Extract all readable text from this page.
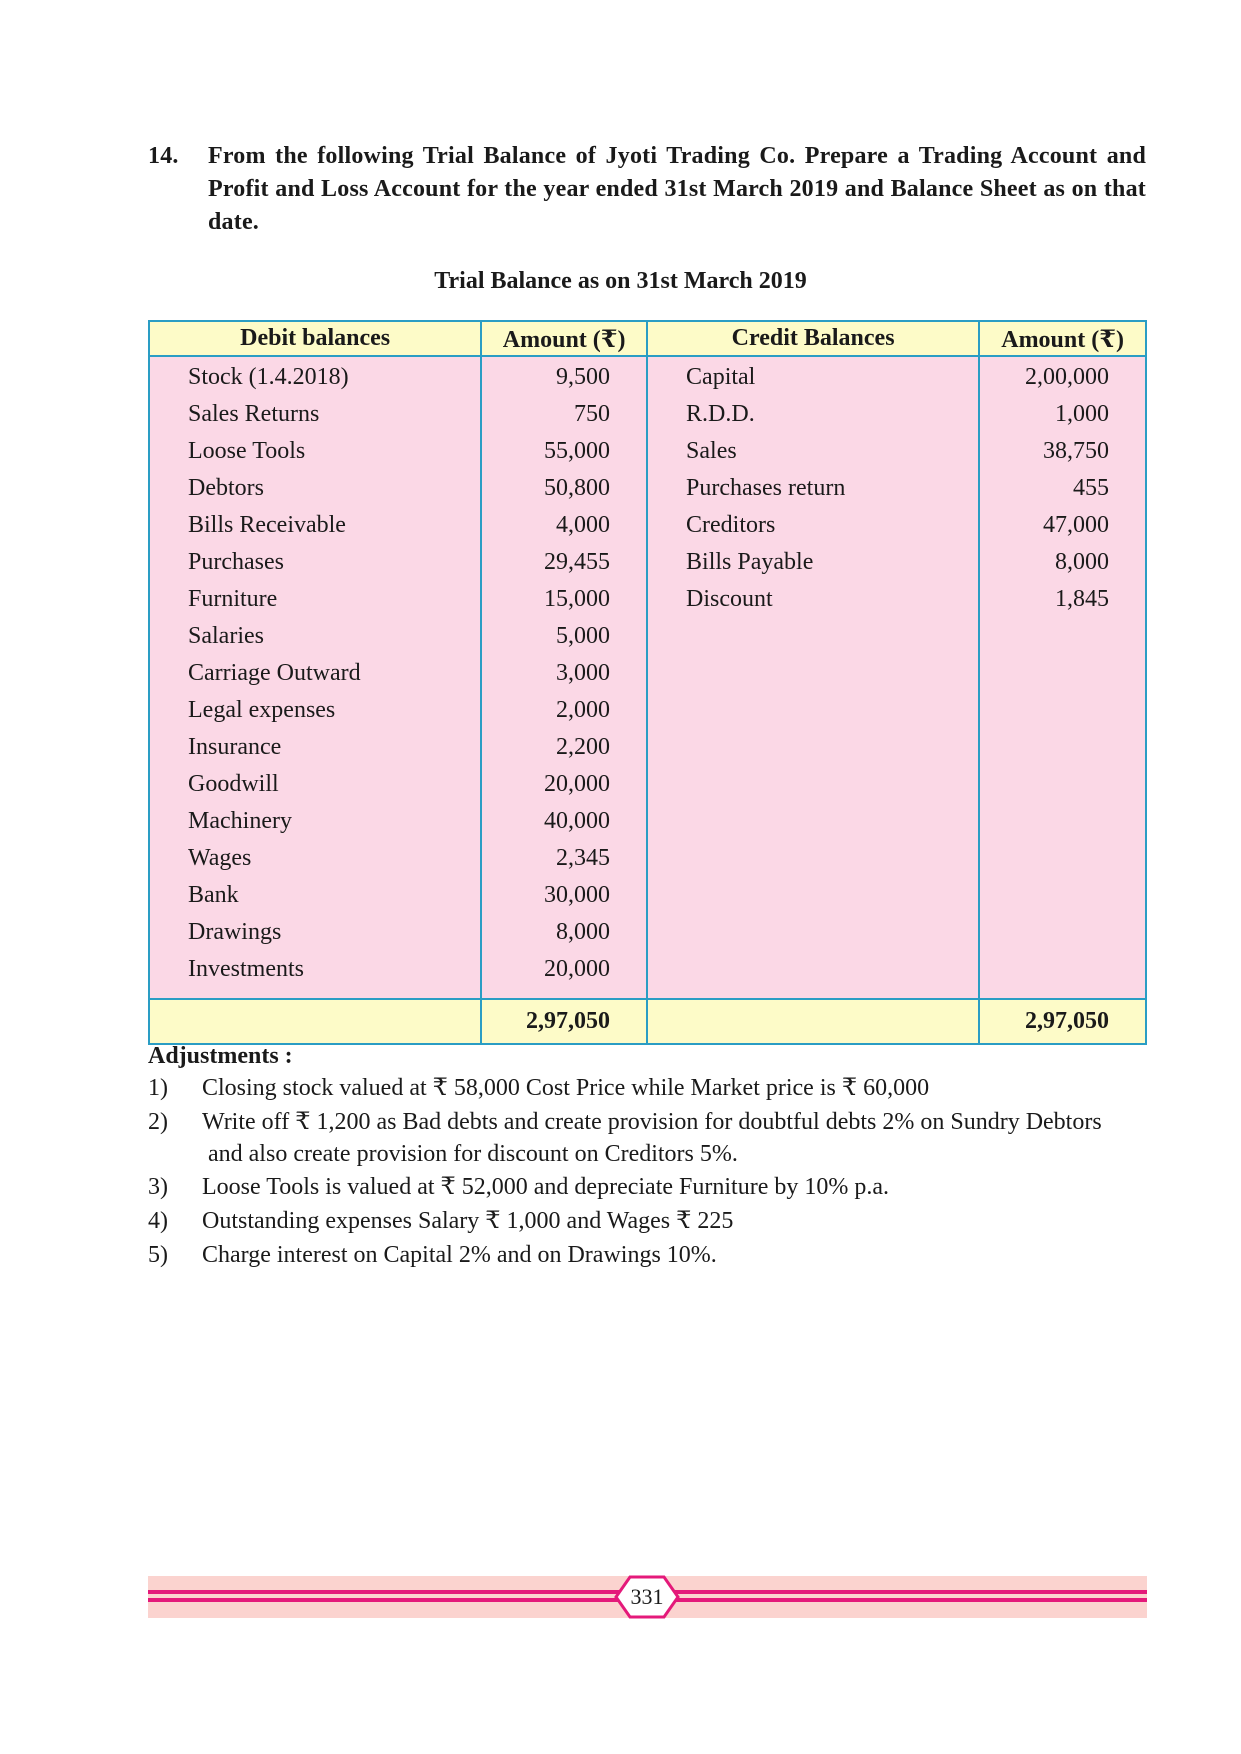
14. From the following Trial Balance of Jyoti Trading Co. Prepare a Trading Account and Profit and Loss Account for the year ended 31st March 2019 and Balance Sheet as on that date.
Trial Balance as on 31st March 2019
Debit balances	Amount (₹)	Credit Balances	Amount (₹)
Stock (1.4.2018)	9,500	Capital	2,00,000
Sales Returns	750	R.D.D.	1,000
Loose Tools	55,000	Sales	38,750
Debtors	50,800	Purchases return	455
Bills Receivable	4,000	Creditors	47,000
Purchases	29,455	Bills Payable	8,000
Furniture	15,000	Discount	1,845
Salaries	5,000		
Carriage Outward	3,000		
Legal expenses	2,000		
Insurance	2,200		
Goodwill	20,000		
Machinery	40,000		
Wages	2,345		
Bank	30,000		
Drawings	8,000		
Investments	20,000		

	2,97,050		2,97,050
Adjustments :
1) Closing stock valued at ₹ 58,000 Cost Price while Market price is ₹ 60,000
2) Write off ₹ 1,200 as Bad debts and create provision for doubtful debts 2% on Sundry Debtors
and also create provision for discount on Creditors 5%.
3) Loose Tools is valued at ₹ 52,000 and depreciate Furniture by 10% p.a.
4) Outstanding expenses Salary ₹ 1,000 and Wages ₹ 225
5) Charge interest on Capital 2% and on Drawings 10%.
331
